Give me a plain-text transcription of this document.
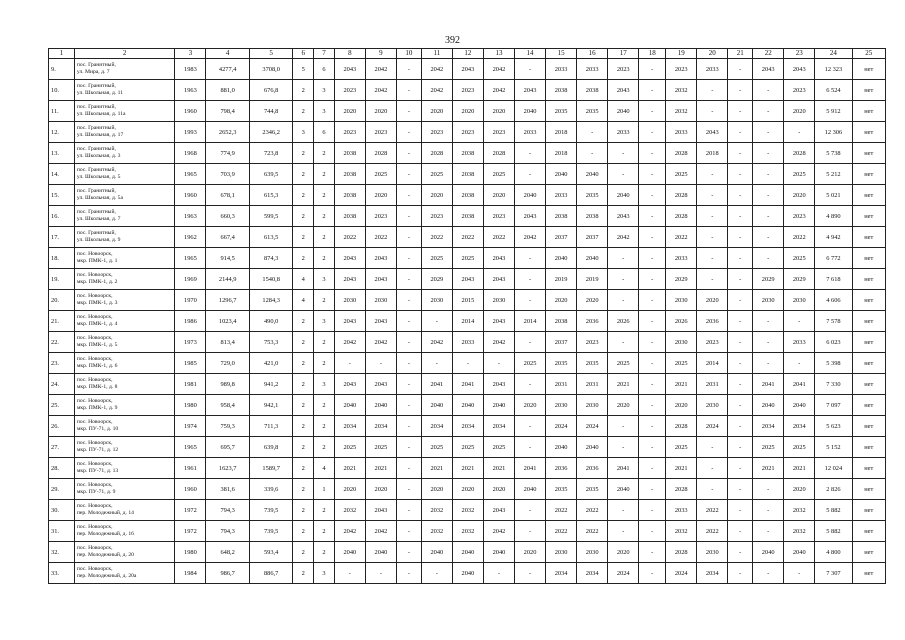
392
1	2	3	4	5	6	7	8	9	10	11	12	13	14	15	16	17	18	19	20	21	22	23	24	25
9.	пос. Гранитный,
ул. Мира, д. 7	1983	4277,4	3708,0	5	6	2043	2042	-	2042	2043	2042	-	2033	2033	2023	-	2023	2033	-	2043	2043	12 323	нет
10.	пос. Гранитный,
ул. Школьная, д. 11	1963	881,0	676,8	2	3	2023	2042	-	2042	2023	2042	2043	2038	2038	2043	-	2032	-	-	-	2023	6 524	нет
11.	пос. Гранитный,
ул. Школьная, д. 11а	1960	798,4	744,8	2	3	2020	2020	-	2020	2020	2020	2040	2035	2035	2040	-	2032	-	-	-	2020	5 912	нет
12.	пос. Гранитный,
ул. Школьная, д. 17	1993	2652,3	2346,2	3	6	2023	2023	-	2023	2023	2023	2033	2018	-	2033	-	2033	2043	-	-	-	12 306	нет
13.	пос. Гранитный,
ул. Школьная, д. 3	1968	774,9	723,8	2	2	2038	2028	-	2028	2038	2028	-	2018	-	-	-	2028	2018	-	-	2028	5 738	нет
14.	пос. Гранитный,
ул. Школьная, д. 5	1965	703,9	639,5	2	2	2038	2025	-	2025	2038	2025	-	2040	2040	-	-	2025	-	-	-	2025	5 212	нет
15.	пос. Гранитный,
ул. Школьная, д. 5а	1960	678,1	615,3	2	2	2038	2020	-	2020	2038	2020	2040	2033	2035	2040	-	2028	-	-	-	2020	5 021	нет
16.	пос. Гранитный,
ул. Школьная, д. 7	1963	660,3	599,5	2	2	2038	2023	-	2023	2038	2023	2043	2038	2038	2043	-	2028	-	-	-	2023	4 890	нет
17.	пос. Гранитный,
ул. Школьная, д. 9	1962	667,4	613,5	2	2	2022	2022	-	2022	2022	2022	2042	2037	2037	2042	-	2022	-	-	-	2022	4 942	нет
18.	пос. Новоорск,
мкр. ПМК-1, д. 1	1965	914,5	874,3	2	2	2043	2043	-	2025	2025	2043	-	2040	2040	-	-	2033	-	-	-	2025	6 772	нет
19.	пос. Новоорск,
мкр. ПМК-1, д. 2	1969	2144,9	1540,8	4	3	2043	2043	-	2029	2043	2043	-	2019	2019	-	-	2029	-	-	2029	2029	7 618	нет
20.	пос. Новоорск,
мкр. ПМК-1, д. 3	1970	1296,7	1284,3	4	2	2030	2030	-	2030	2015	2030	-	2020	2020	-	-	2030	2020	-	2030	2030	4 606	нет
21.	пос. Новоорск,
мкр. ПМК-1, д. 4	1986	1023,4	490,0	2	3	2043	2043	-	-	2014	2043	2014	2038	2036	2026	-	2026	2036	-	-	-	7 578	нет
22.	пос. Новоорск,
мкр. ПМК-1, д. 5	1973	813,4	753,3	2	2	2042	2042	-	2042	2033	2042	-	2037	2023	-	-	2030	2023	-	-	2033	6 023	нет
23.	пос. Новоорск,
мкр. ПМК-1, д. 6	1985	729,0	421,0	2	2	-	-	-	-	-	-	2025	2035	2035	2025	-	2025	2014	-	-	-	5 398	нет
24.	пос. Новоорск,
мкр. ПМК-1, д. 8	1981	989,8	941,2	2	3	2043	2043	-	2041	2041	2043	-	2031	2031	2021	-	2021	2031	-	2041	2041	7 330	нет
25.	пос. Новоорск,
мкр. ПМК-1, д. 9	1980	958,4	942,1	2	2	2040	2040	-	2040	2040	2040	2020	2030	2030	2020	-	2020	2030	-	2040	2040	7 097	нет
26.	пос. Новоорск,
мкр. ПУ-71, д. 10	1974	759,3	711,3	2	2	2034	2034	-	2034	2034	2034	-	2024	2024	-	-	2028	2024	-	2034	2034	5 623	нет
27.	пос. Новоорск,
мкр. ПУ-71, д. 12	1965	695,7	639,8	2	2	2025	2025	-	2025	2025	2025	-	2040	2040	-	-	2025	-	-	2025	2025	5 152	нет
28.	пос. Новоорск,
мкр. ПУ-71, д. 13	1961	1623,7	1589,7	2	4	2021	2021	-	2021	2021	2021	2041	2036	2036	2041	-	2021	-	-	2021	2021	12 024	нет
29.	пос. Новоорск,
мкр. ПУ-71, д. 9	1960	381,6	339,6	2	1	2020	2020	-	2020	2020	2020	2040	2035	2035	2040	-	2028	-	-	-	2020	2 826	нет
30.	пос. Новоорск,
пер. Молодежный, д. 14	1972	794,3	739,5	2	2	2032	2043	-	2032	2032	2043	-	2022	2022	-	-	2033	2022	-	-	2032	5 882	нет
31.	пос. Новоорск,
пер. Молодежный, д. 16	1972	794,3	739,5	2	2	2042	2042	-	2032	2032	2042	-	2022	2022	-	-	2032	2022	-	-	2032	5 882	нет
32.	пос. Новоорск,
пер. Молодежный, д. 20	1980	648,2	593,4	2	2	2040	2040	-	2040	2040	2040	2020	2030	2030	2020	-	2028	2030	-	2040	2040	4 800	нет
33.	пос. Новоорск,
пер. Молодежный, д. 20а	1984	986,7	886,7	2	3	-	-	-	-	2040	-	-	2034	2034	2024	-	2024	2034	-	-	-	7 307	нет
